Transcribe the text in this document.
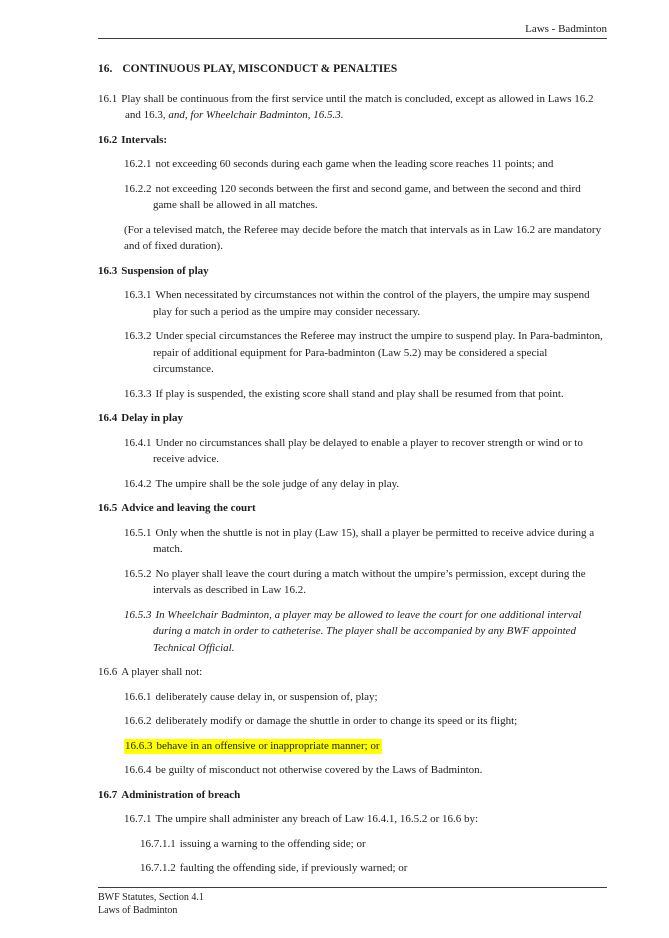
Laws - Badminton
16. CONTINUOUS PLAY, MISCONDUCT & PENALTIES
16.1 Play shall be continuous from the first service until the match is concluded, except as allowed in Laws 16.2 and 16.3, and, for Wheelchair Badminton, 16.5.3.
16.2 Intervals:
16.2.1 not exceeding 60 seconds during each game when the leading score reaches 11 points; and
16.2.2 not exceeding 120 seconds between the first and second game, and between the second and third game shall be allowed in all matches.
(For a televised match, the Referee may decide before the match that intervals as in Law 16.2 are mandatory and of fixed duration).
16.3 Suspension of play
16.3.1 When necessitated by circumstances not within the control of the players, the umpire may suspend play for such a period as the umpire may consider necessary.
16.3.2 Under special circumstances the Referee may instruct the umpire to suspend play. In Para-badminton, repair of additional equipment for Para-badminton (Law 5.2) may be considered a special circumstance.
16.3.3 If play is suspended, the existing score shall stand and play shall be resumed from that point.
16.4 Delay in play
16.4.1 Under no circumstances shall play be delayed to enable a player to recover strength or wind or to receive advice.
16.4.2 The umpire shall be the sole judge of any delay in play.
16.5 Advice and leaving the court
16.5.1 Only when the shuttle is not in play (Law 15), shall a player be permitted to receive advice during a match.
16.5.2 No player shall leave the court during a match without the umpire’s permission, except during the intervals as described in Law 16.2.
16.5.3 In Wheelchair Badminton, a player may be allowed to leave the court for one additional interval during a match in order to catheterise. The player shall be accompanied by any BWF appointed Technical Official.
16.6 A player shall not:
16.6.1 deliberately cause delay in, or suspension of, play;
16.6.2 deliberately modify or damage the shuttle in order to change its speed or its flight;
16.6.3 behave in an offensive or inappropriate manner; or
16.6.4 be guilty of misconduct not otherwise covered by the Laws of Badminton.
16.7 Administration of breach
16.7.1 The umpire shall administer any breach of Law 16.4.1, 16.5.2 or 16.6 by:
16.7.1.1 issuing a warning to the offending side; or
16.7.1.2 faulting the offending side, if previously warned; or
BWF Statutes, Section 4.1
Laws of Badminton
